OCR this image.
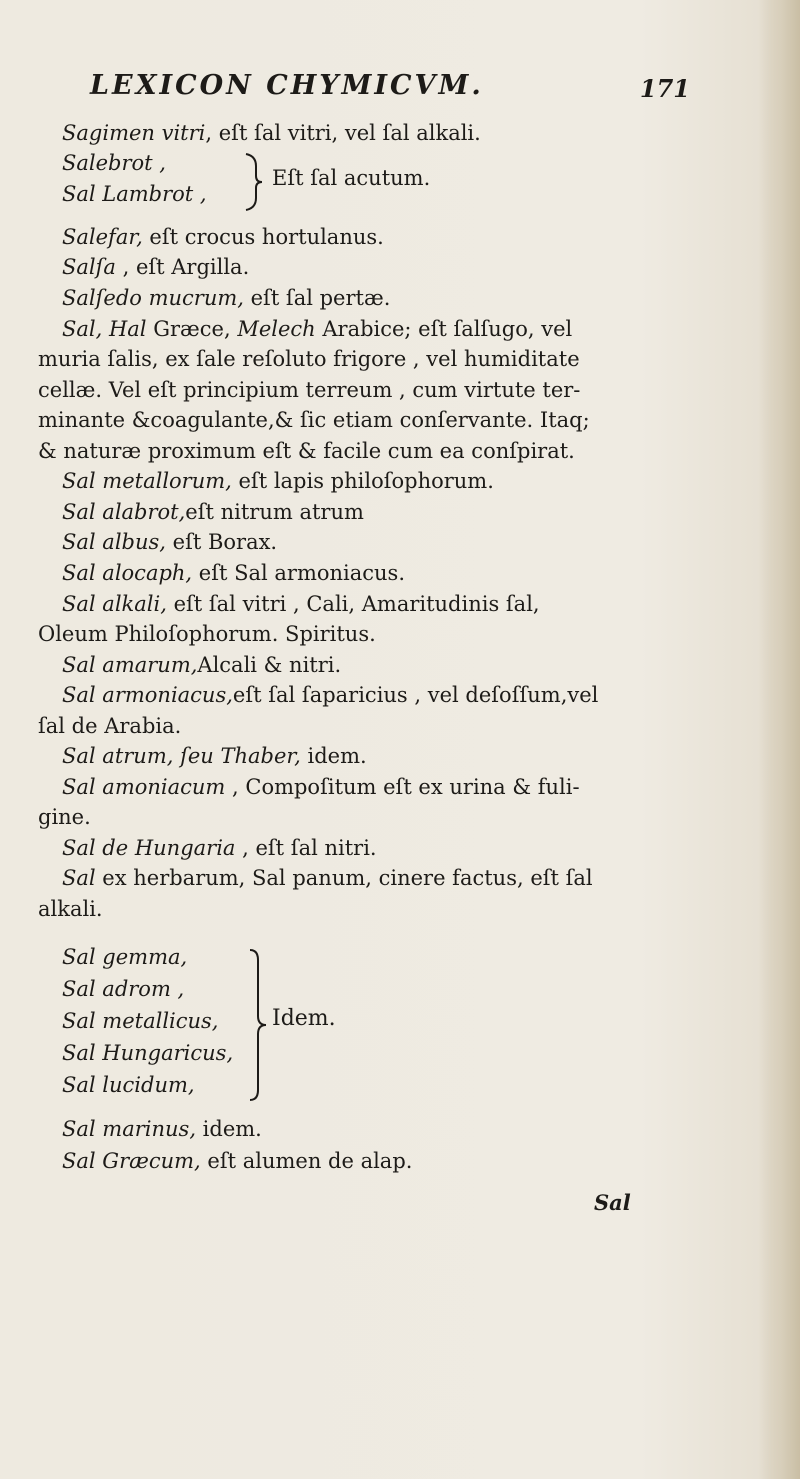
LEXICON CHYMICVM.	171
Sagimen vitri, eſt ſal vitri, vel ſal alkali.
Salebrot ,
Sal Lambrot ,
Eſt ſal acutum.
Salefar, eſt crocus hortulanus.
Salſa , eſt Argilla.
Salſedo mucrum, eſt ſal pertæ.
Sal, Hal Græce, Melech Arabice; eſt ſalſugo, vel
muria ſalis, ex ſale reſoluto frigore , vel humiditate
cellæ. Vel eſt principium terreum , cum virtute ter-
minante &coagulante,& ſic etiam conſervante. Itaq;
& naturæ proximum eſt & facile cum ea conſpirat.
Sal metallorum, eſt lapis philoſophorum.
Sal alabrot,eſt nitrum atrum
Sal albus, eſt Borax.
Sal alocaph, eſt Sal armoniacus.
Sal alkali, eſt ſal vitri , Cali, Amaritudinis ſal,
Oleum Philoſophorum. Spiritus.
Sal amarum,Alcali & nitri.
Sal armoniacus,eſt ſal ſaparicius , vel deſoſſum,vel
ſal de Arabia.
Sal atrum, ſeu Thaber, idem.
Sal amoniacum , Compoſitum eſt ex urina & fuli-
gine.
Sal de Hungaria , eſt ſal nitri.
Sal ex herbarum, Sal panum, cinere factus, eſt ſal
alkali.
Sal gemma,
Sal adrom ,
Sal metallicus,
Sal Hungaricus,
Sal lucidum,
Idem.
Sal marinus, idem.
Sal Græcum, eſt alumen de alap.
Sal
